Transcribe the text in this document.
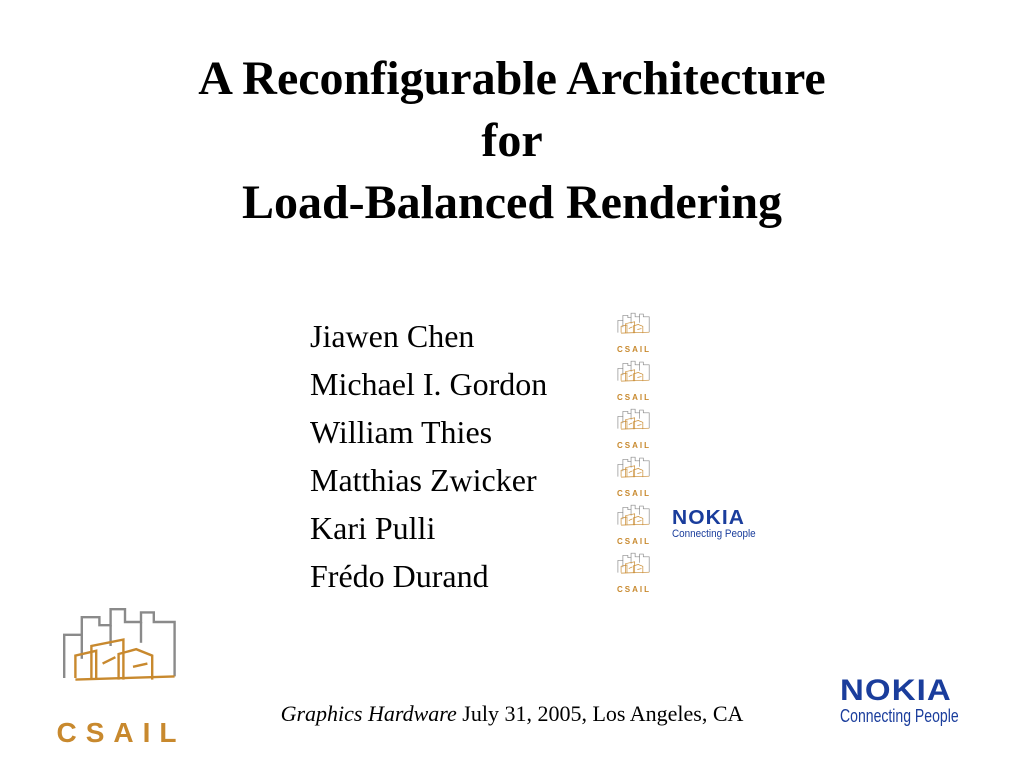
A Reconfigurable Architecture
for
Load-Balanced Rendering
Jiawen Chen
Michael I. Gordon
William Thies
Matthias Zwicker
Kari Pulli
Frédo Durand
CSAIL
CSAIL
CSAIL
CSAIL
CSAIL
CSAIL
NOKIA
Connecting People
CSAIL
Graphics Hardware July 31, 2005, Los Angeles, CA
NOKIA
Connecting People
